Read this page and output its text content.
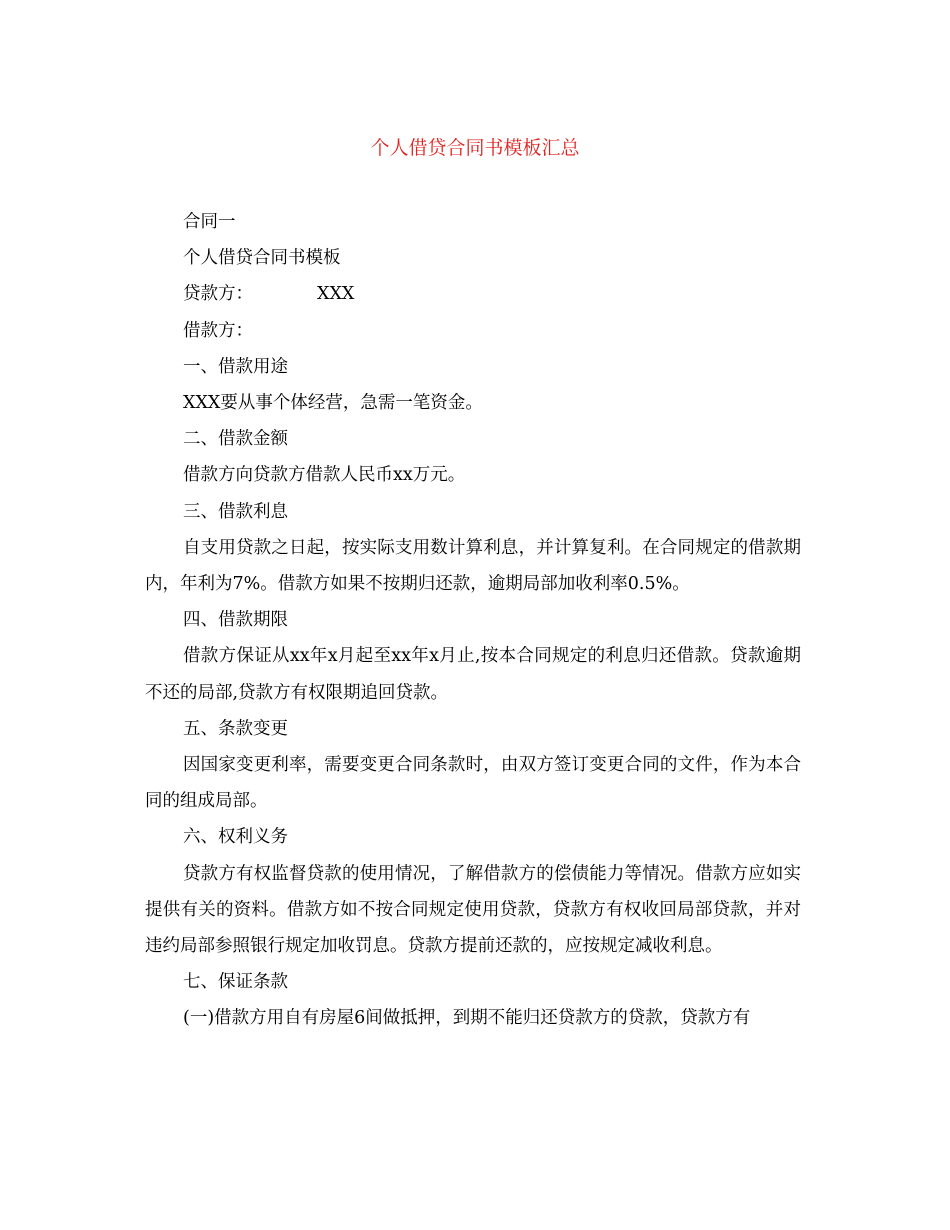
个人借贷合同书模板汇总

合同一

个人借贷合同书模板

贷款方：	XXX

借款方：

一、借款用途

XXX要从事个体经营，急需一笔资金。

二、借款金额

借款方向贷款方借款人民币xx万元。

三、借款利息

自支用贷款之日起，按实际支用数计算利息，并计算复利。在合同规定的借款期内，年利为7%。借款方如果不按期归还款，逾期局部加收利率0.5%。

四、借款期限

借款方保证从xx年x月起至xx年x月止,按本合同规定的利息归还借款。贷款逾期不还的局部,贷款方有权限期追回贷款。

五、条款变更

因国家变更利率，需要变更合同条款时，由双方签订变更合同的文件，作为本合同的组成局部。

六、权利义务

贷款方有权监督贷款的使用情况，了解借款方的偿债能力等情况。借款方应如实提供有关的资料。借款方如不按合同规定使用贷款，贷款方有权收回局部贷款，并对违约局部参照银行规定加收罚息。贷款方提前还款的，应按规定减收利息。

七、保证条款

(一)借款方用自有房屋6间做抵押，到期不能归还贷款方的贷款，贷款方有
